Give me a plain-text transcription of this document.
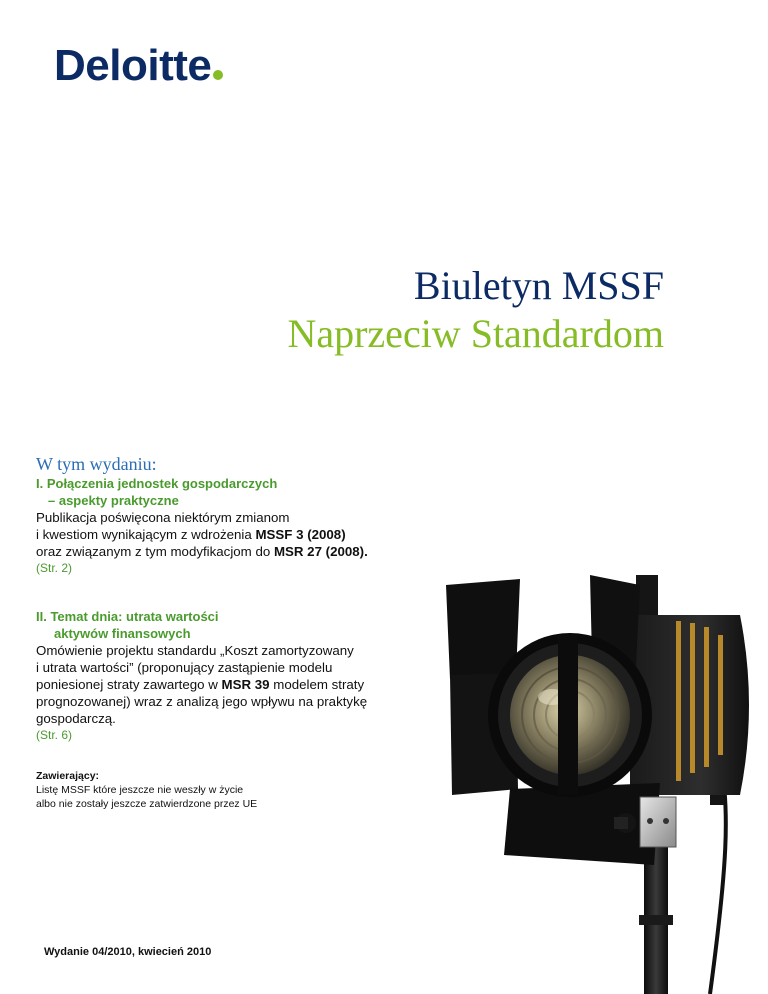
Deloitte
Biuletyn MSSF
Naprzeciw Standardom
W tym wydaniu:
I. Połączenia jednostek gospodarczych
– aspekty praktyczne
Publikacja poświęcona niektórym zmianom
i kwestiom wynikającym z wdrożenia MSSF 3 (2008)
oraz związanym z tym modyfikacjom do MSR 27 (2008).
(Str. 2)
II. Temat dnia: utrata wartości
aktywów finansowych
Omówienie projektu standardu „Koszt zamortyzowany
i utrata wartości” (proponujący zastąpienie modelu
poniesionej straty zawartego w MSR 39 modelem straty
prognozowanej) wraz z analizą jego wpływu na praktykę
gospodarczą.
(Str. 6)
Zawierający:
Listę MSSF które jeszcze nie weszły w życie
albo nie zostały jeszcze zatwierdzone przez UE
Wydanie 04/2010, kwiecień 2010
